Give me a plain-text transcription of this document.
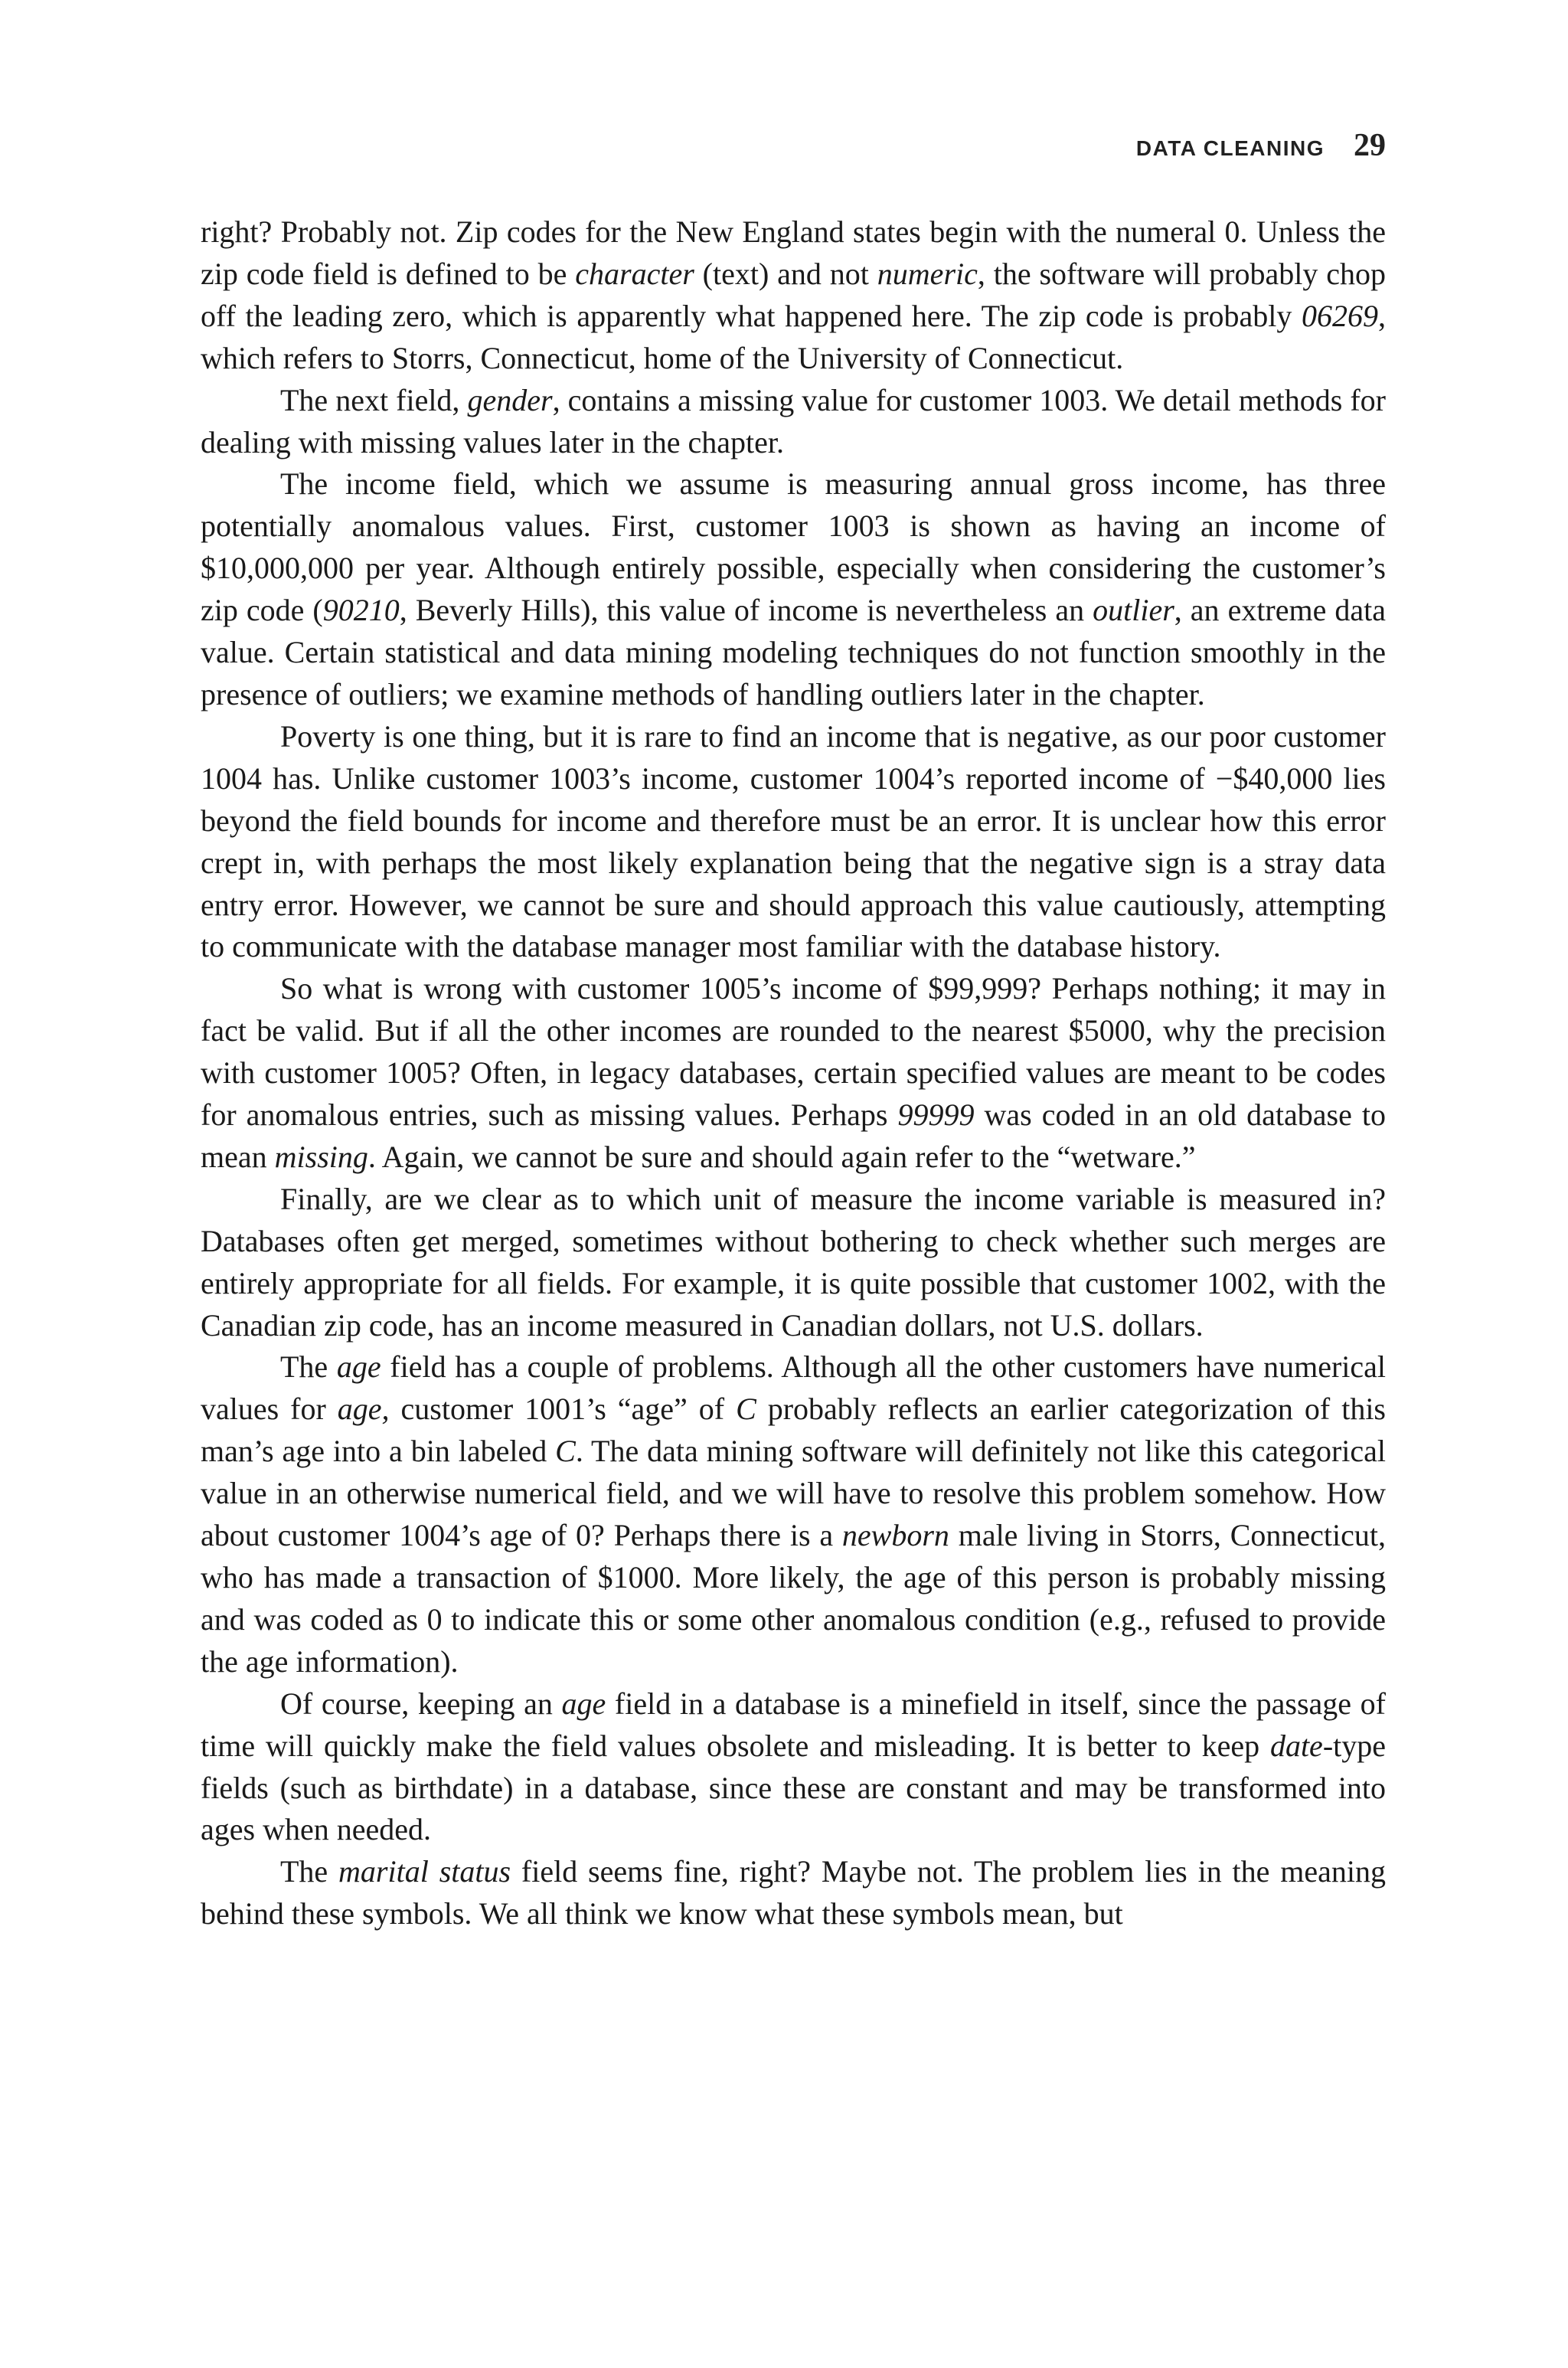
DATA CLEANING 29

right? Probably not. Zip codes for the New England states begin with the numeral 0. Unless the zip code field is defined to be character (text) and not numeric, the software will probably chop off the leading zero, which is apparently what happened here. The zip code is probably 06269, which refers to Storrs, Connecticut, home of the University of Connecticut.

The next field, gender, contains a missing value for customer 1003. We detail methods for dealing with missing values later in the chapter.

The income field, which we assume is measuring annual gross income, has three potentially anomalous values. First, customer 1003 is shown as having an income of $10,000,000 per year. Although entirely possible, especially when considering the customer’s zip code (90210, Beverly Hills), this value of income is nevertheless an outlier, an extreme data value. Certain statistical and data mining modeling techniques do not function smoothly in the presence of outliers; we examine methods of handling outliers later in the chapter.

Poverty is one thing, but it is rare to find an income that is negative, as our poor customer 1004 has. Unlike customer 1003’s income, customer 1004’s reported income of −$40,000 lies beyond the field bounds for income and therefore must be an error. It is unclear how this error crept in, with perhaps the most likely explanation being that the negative sign is a stray data entry error. However, we cannot be sure and should approach this value cautiously, attempting to communicate with the database manager most familiar with the database history.

So what is wrong with customer 1005’s income of $99,999? Perhaps nothing; it may in fact be valid. But if all the other incomes are rounded to the nearest $5000, why the precision with customer 1005? Often, in legacy databases, certain specified values are meant to be codes for anomalous entries, such as missing values. Perhaps 99999 was coded in an old database to mean missing. Again, we cannot be sure and should again refer to the “wetware.”

Finally, are we clear as to which unit of measure the income variable is measured in? Databases often get merged, sometimes without bothering to check whether such merges are entirely appropriate for all fields. For example, it is quite possible that customer 1002, with the Canadian zip code, has an income measured in Canadian dollars, not U.S. dollars.

The age field has a couple of problems. Although all the other customers have numerical values for age, customer 1001’s “age” of C probably reflects an earlier categorization of this man’s age into a bin labeled C. The data mining software will definitely not like this categorical value in an otherwise numerical field, and we will have to resolve this problem somehow. How about customer 1004’s age of 0? Perhaps there is a newborn male living in Storrs, Connecticut, who has made a transaction of $1000. More likely, the age of this person is probably missing and was coded as 0 to indicate this or some other anomalous condition (e.g., refused to provide the age information).

Of course, keeping an age field in a database is a minefield in itself, since the passage of time will quickly make the field values obsolete and misleading. It is better to keep date-type fields (such as birthdate) in a database, since these are constant and may be transformed into ages when needed.

The marital status field seems fine, right? Maybe not. The problem lies in the meaning behind these symbols. We all think we know what these symbols mean, but
